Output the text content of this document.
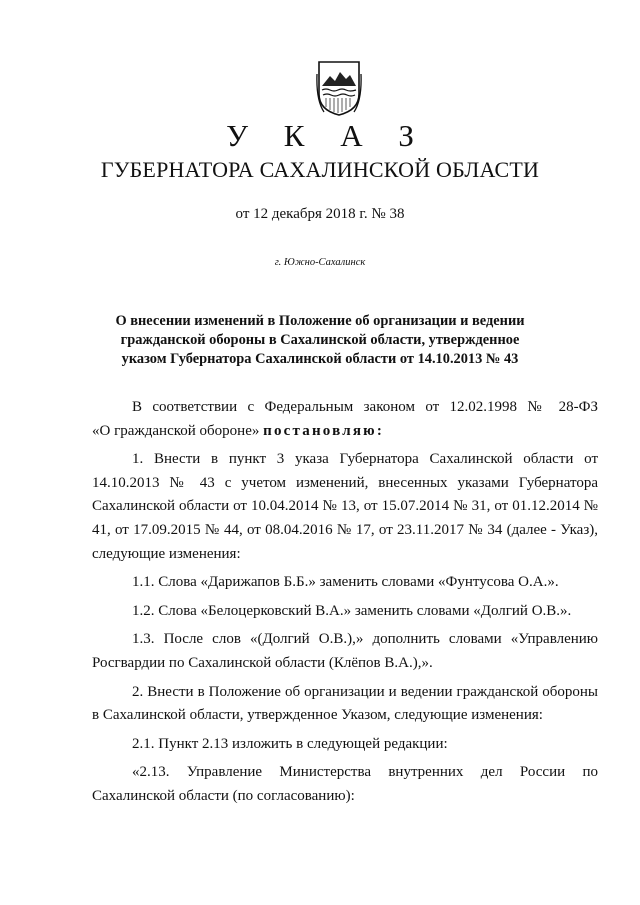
У К А З
ГУБЕРНАТОРА САХАЛИНСКОЙ ОБЛАСТИ
от 12 декабря 2018 г. № 38
г. Южно-Сахалинск
О внесении изменений в Положение об организации и ведении
гражданской обороны в Сахалинской области, утвержденное
указом Губернатора Сахалинской области от 14.10.2013 № 43
В соответствии с Федеральным законом от 12.02.1998 № 28-ФЗ
«О гражданской обороне» постановляю:

1. Внести в пункт 3 указа Губернатора Сахалинской области от 14.10.2013 № 43 с учетом изменений, внесенных указами Губернатора Сахалинской области от 10.04.2014 № 13, от 15.07.2014 № 31, от 01.12.2014 № 41, от 17.09.2015 № 44, от 08.04.2016 № 17, от 23.11.2017 № 34 (далее - Указ), следующие изменения:

1.1. Слова «Дарижапов Б.Б.» заменить словами «Фунтусова О.А.».

1.2. Слова «Белоцерковский В.А.» заменить словами «Долгий О.В.».

1.3. После слов «(Долгий О.В.),» дополнить словами «Управлению Росгвардии по Сахалинской области (Клёпов В.А.),».

2. Внести в Положение об организации и ведении гражданской обороны в Сахалинской области, утвержденное Указом, следующие изменения:

2.1. Пункт 2.13 изложить в следующей редакции:

«2.13. Управление Министерства внутренних дел России по Сахалинской области (по согласованию):
